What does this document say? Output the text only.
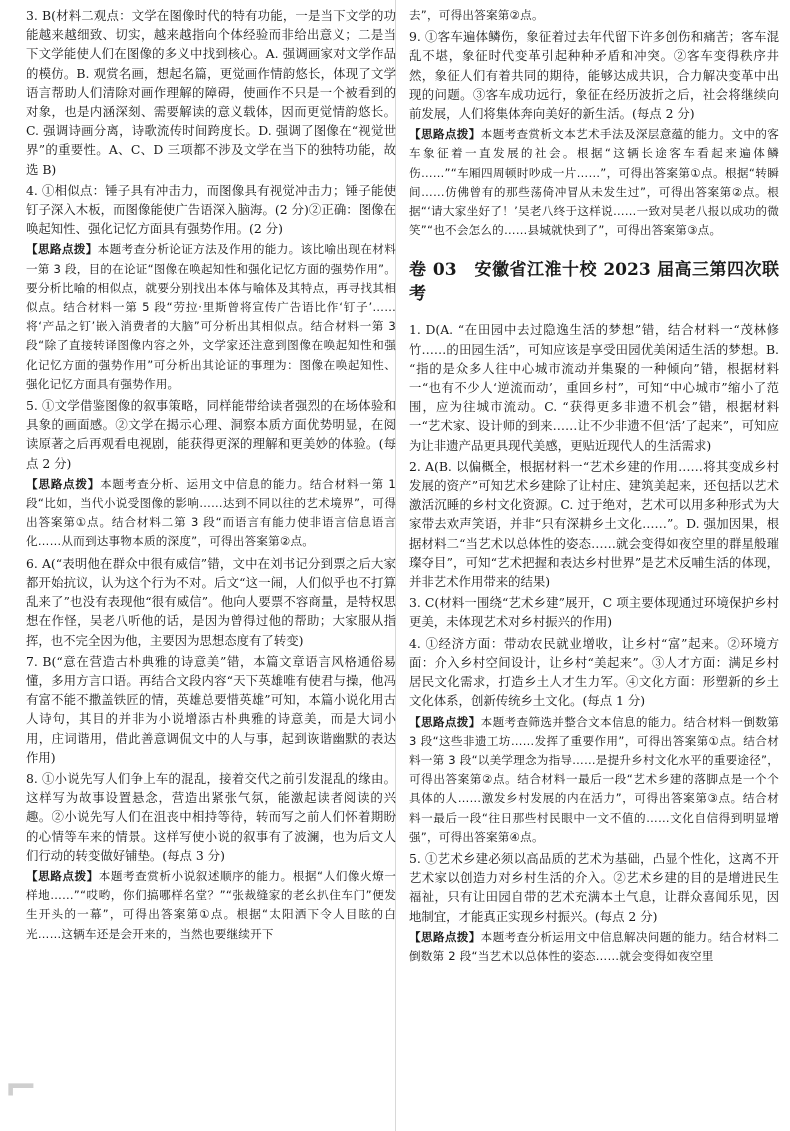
3. B(材料二观点：文学在图像时代的特有功能，一是当下文学的功能越来越细致、切实，越来越指向个体经验而非给出意义；二是当下文学能使人们在图像的多义中找到核心。A. 强调画家对文学作品的模仿。B. 观赏名画，想起名篇，更觉画作情韵悠长，体现了文学语言帮助人们清除对画作理解的障碍，使画作不只是一个被看到的对象，也是内涵深刻、需要解读的意义载体，因而更觉情韵悠长。C. 强调诗画分离，诗歌流传时间跨度长。D. 强调了图像在“视觉世界”的重要性。A、C、D 三项都不涉及文学在当下的独特功能，故选 B)

4. ①相似点：锤子具有冲击力，而图像具有视觉冲击力；锤子能使钉子深入木板，而图像能使广告语深入脑海。(2 分)②正确：图像在唤起知性、强化记忆方面具有强势作用。(2 分)

【思路点拨】本题考查分析论证方法及作用的能力。该比喻出现在材料一第 3 段，目的在论证“图像在唤起知性和强化记忆方面的强势作用”。要分析比喻的相似点，就要分别找出本体与喻体及其特点，再寻找其相似点。结合材料一第 5 段“劳拉·里斯曾将宣传广告语比作‘钉子’……将‘产品之钉’嵌入消费者的大脑”可分析出其相似点。结合材料一第 3 段“除了直接转译图像内容之外，文学家还注意到图像在唤起知性和强化记忆方面的强势作用”可分析出其论证的事理为：图像在唤起知性、强化记忆方面具有强势作用。

5. ①文学借鉴图像的叙事策略，同样能带给读者强烈的在场体验和具象的画面感。②文学在揭示心理、洞察本质方面优势明显，在阅读原著之后再观看电视剧，能获得更深的理解和更美妙的体验。(每点 2 分)

【思路点拨】本题考查分析、运用文中信息的能力。结合材料一第 1 段“比如，当代小说受图像的影响……达到不同以往的艺术境界”，可得出答案第①点。结合材料二第 3 段“而语言有能力使非语言信息语言化……从而到达事物本质的深度”，可得出答案第②点。

6. A(“表明他在群众中很有威信”错，文中在刘书记分到票之后大家都开始抗议，认为这个行为不对。后文“这一闹，人们似乎也不打算乱来了”也没有表现他“很有威信”。他向人要票不容商量，是特权思想在作怪，吴老八听他的话，是因为曾得过他的帮助；大家服从指挥，也不完全因为他，主要因为思想态度有了转变)

7. B(“意在营造古朴典雅的诗意美”错，本篇文章语言风格通俗易懂，多用方言口语。再结合文段内容“天下英雄唯有使君与操，他冯有富不能不撒盖铁匠的情，英雄总要惜英雄”可知，本篇小说化用古人诗句，其目的并非为小说增添古朴典雅的诗意美，而是大词小用，庄词谐用，借此善意调侃文中的人与事，起到诙谐幽默的表达作用)

8. ①小说先写人们争上车的混乱，接着交代之前引发混乱的缘由。这样写为故事设置悬念，营造出紧张气氛，能激起读者阅读的兴趣。②小说先写人们在沮丧中相持等待，转而写之前人们怀着期盼的心情等车来的情景。这样写使小说的叙事有了波澜，也为后文人们行动的转变做好铺垫。(每点 3 分)

【思路点拨】本题考查赏析小说叙述顺序的能力。根据“人们像火燎一样地……”“哎哟，你们搞哪样名堂？”“张裁缝家的老幺扒住车门”便发生开头的一幕”，可得出答案第①点。根据“太阳洒下令人目眩的白光……这辆车还是会开来的，当然也要继续开下

去”，可得出答案第②点。

9. ①客车遍体鳞伤，象征着过去年代留下许多创伤和痛苦；客车混乱不堪，象征时代变革引起种种矛盾和冲突。②客车变得秩序井然，象征人们有着共同的期待，能够达成共识，合力解决变革中出现的问题。③客车成功远行，象征在经历波折之后，社会将继续向前发展，人们将集体奔向美好的新生活。(每点 2 分)

【思路点拨】本题考查赏析文本艺术手法及深层意蕴的能力。文中的客车象征着一直发展的社会。根据“这辆长途客车看起来遍体鳞伤……”“车厢四周顿时吵成一片……”，可得出答案第①点。根据“转瞬间……仿佛曾有的那些荡倚冲冒从未发生过”，可得出答案第②点。根据“‘请大家坐好了！’吴老八终于这样说……一致对吴老八报以成功的微笑”“也不会怎么的……县城就快到了”，可得出答案第③点。

卷 03　安徽省江淮十校 2023 届高三第四次联考

1. D(A. “在田园中去过隐逸生活的梦想”错，结合材料一“茂林修竹……的田园生活”，可知应该是享受田园优美闲适生活的梦想。B. “指的是众多人往中心城市流动并集聚的一种倾向”错，根据材料一“也有不少人‘逆流而动’，重回乡村”，可知“中心城市”缩小了范围，应为往城市流动。C. “获得更多非遗不机会”错，根据材料一“艺术家、设计师的到来……让不少非遗不但‘活’了起来”，可知应为让非遗产品更具现代美感，更贴近现代人的生活需求)

2. A(B. 以偏概全，根据材料一“艺术乡建的作用……将其变成乡村发展的资产”可知艺术乡建除了让村庄、建筑美起来，还包括以艺术激活沉睡的乡村文化资源。C. 过于绝对，艺术可以用多种形式为大家带去欢声笑语，并非“只有深耕乡土文化……”。D. 强加因果，根据材料二“当艺术以总体性的姿态……就会变得如夜空里的群星般璀璨夺目”，可知“艺术把握和表达乡村世界”是艺术反哺生活的体现，并非艺术作用带来的结果)

3. C(材料一围绕“艺术乡建”展开，C 项主要体现通过环境保护乡村更美，未体现艺术对乡村振兴的作用)

4. ①经济方面：带动农民就业增收，让乡村“富”起来。②环境方面：介入乡村空间设计，让乡村“美起来”。③人才方面：满足乡村居民文化需求，打造乡土人才生力军。④文化方面：形塑新的乡土文化体系，创新传统乡土文化。(每点 1 分)

【思路点拨】本题考查筛选并整合文本信息的能力。结合材料一倒数第 3 段“这些非遗工坊……发挥了重要作用”，可得出答案第①点。结合材料一第 3 段“以美学理念为指导……是提升乡村文化水平的重要途径”，可得出答案第②点。结合材料一最后一段“艺术乡建的落脚点是一个个具体的人……激发乡村发展的内在活力”，可得出答案第③点。结合材料一最后一段“往日那些村民眼中一文不值的……文化自信得到明显增强”，可得出答案第④点。

5. ①艺术乡建必须以高品质的艺术为基础，凸显个性化，这离不开艺术家以创造力对乡村生活的介入。②艺术乡建的目的是增进民生福祉，只有让田园自带的艺术充满本土气息，让群众喜闻乐见，因地制宜，才能真正实现乡村振兴。(每点 2 分)

【思路点拨】本题考查分析运用文中信息解决问题的能力。结合材料二倒数第 2 段“当艺术以总体性的姿态……就会变得如夜空里

⌐
